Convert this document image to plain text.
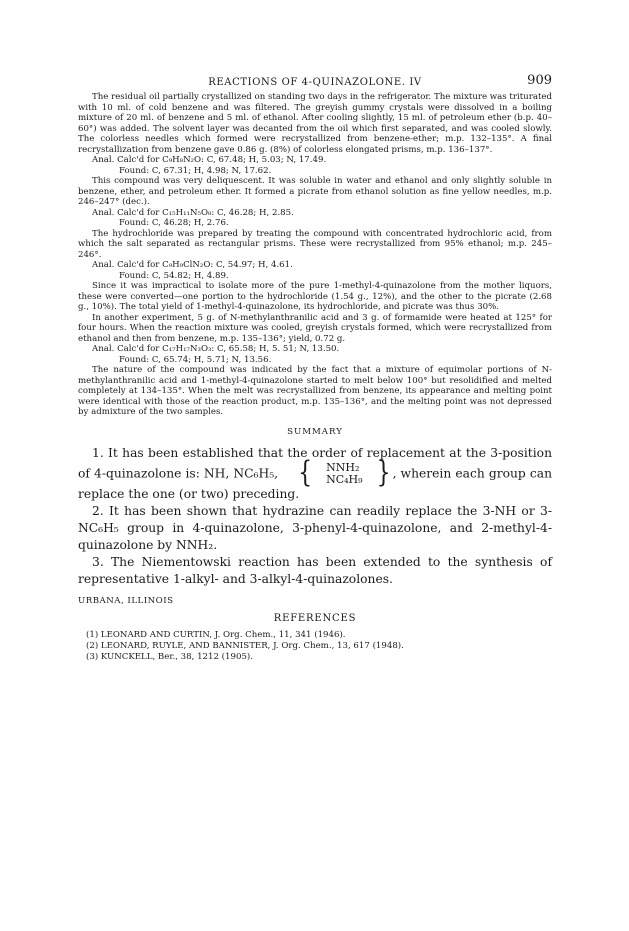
REACTIONS OF 4-QUINAZOLONE. IV	909

The residual oil partially crystallized on standing two days in the refrigerator. The mixture was triturated with 10 ml. of cold benzene and was filtered. The greyish gummy crystals were dissolved in a boiling mixture of 20 ml. of benzene and 5 ml. of ethanol. After cooling slightly, 15 ml. of petroleum ether (b.p. 40–60°) was added. The solvent layer was decanted from the oil which first separated, and was cooled slowly. The colorless needles which formed were recrystallized from benzene-ether; m.p. 132–135°. A final recrystallization from benzene gave 0.86 g. (8%) of colorless elongated prisms, m.p. 136–137°.

Anal. Calc'd for C₉H₈N₂O: C, 67.48; H, 5.03; N, 17.49.

Found: C, 67.31; H, 4.98; N, 17.62.

This compound was very deliquescent. It was soluble in water and ethanol and only slightly soluble in benzene, ether, and petroleum ether. It formed a picrate from ethanol solution as fine yellow needles, m.p. 246–247° (dec.).

Anal. Calc'd for C₁₅H₁₁N₅O₈: C, 46.28; H, 2.85.

Found: C, 46.28; H, 2.76.

The hydrochloride was prepared by treating the compound with concentrated hydrochloric acid, from which the salt separated as rectangular prisms. These were recrystallized from 95% ethanol; m.p. 245–246°.

Anal. Calc'd for C₉H₉ClN₂O: C, 54.97; H, 4.61.

Found: C, 54.82; H, 4.89.

Since it was impractical to isolate more of the pure 1-methyl-4-quinazolone from the mother liquors, these were converted—one portion to the hydrochloride (1.54 g., 12%), and the other to the picrate (2.68 g., 10%). The total yield of 1-methyl-4-quinazolone, its hydrochloride, and picrate was thus 30%.

In another experiment, 5 g. of N-methylanthranilic acid and 3 g. of formamide were heated at 125° for four hours. When the reaction mixture was cooled, greyish crystals formed, which were recrystallized from ethanol and then from benzene, m.p. 135–136°; yield, 0.72 g.

Anal. Calc'd for C₁₇H₁₇N₃O₃: C, 65.58; H, 5. 51; N, 13.50.

Found: C, 65.74; H, 5.71; N, 13.56.

The nature of the compound was indicated by the fact that a mixture of equimolar portions of N-methylanthranilic acid and 1-methyl-4-quinazolone started to melt below 100° but resolidified and melted completely at 134–135°. When the melt was recrystallized from benzene, its appearance and melting point were identical with those of the reaction product, m.p. 135–136°, and the melting point was not depressed by admixture of the two samples.

SUMMARY

1. It has been established that the order of replacement at the 3-position of 4-quinazolone is: NH, NC₆H₅, {	NNH₂
NC₄H₉ } , wherein each group can replace the one (or two) preceding.

2. It has been shown that hydrazine can readily replace the 3-NH or 3-NC₆H₅ group in 4-quinazolone, 3-phenyl-4-quinazolone, and 2-methyl-4-quinazolone by NNH₂.

3. The Niementowski reaction has been extended to the synthesis of representative 1-alkyl- and 3-alkyl-4-quinazolones.

URBANA, ILLINOIS
REFERENCES

(1) LEONARD AND CURTIN, J. Org. Chem., 11, 341 (1946).

(2) LEONARD, RUYLE, AND BANNISTER, J. Org. Chem., 13, 617 (1948).

(3) KUNCKELL, Ber., 38, 1212 (1905).
